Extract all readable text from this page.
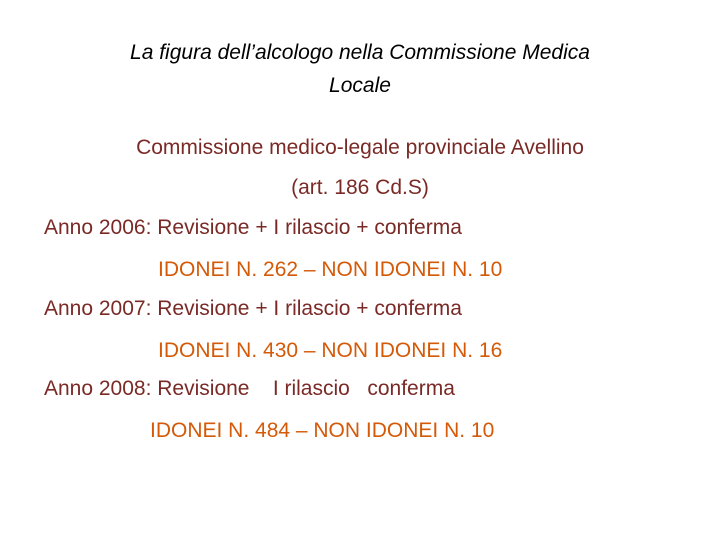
La figura dell’alcologo nella Commissione Medica
Locale
Commissione medico-legale provinciale Avellino
(art. 186 Cd.S)
Anno 2006: Revisione + I rilascio + conferma
IDONEI N. 262 – NON IDONEI N. 10
Anno 2007: Revisione + I rilascio + conferma
IDONEI N. 430 – NON IDONEI N. 16
Anno 2008: Revisione    I rilascio   conferma
IDONEI N. 484 – NON IDONEI N. 10
